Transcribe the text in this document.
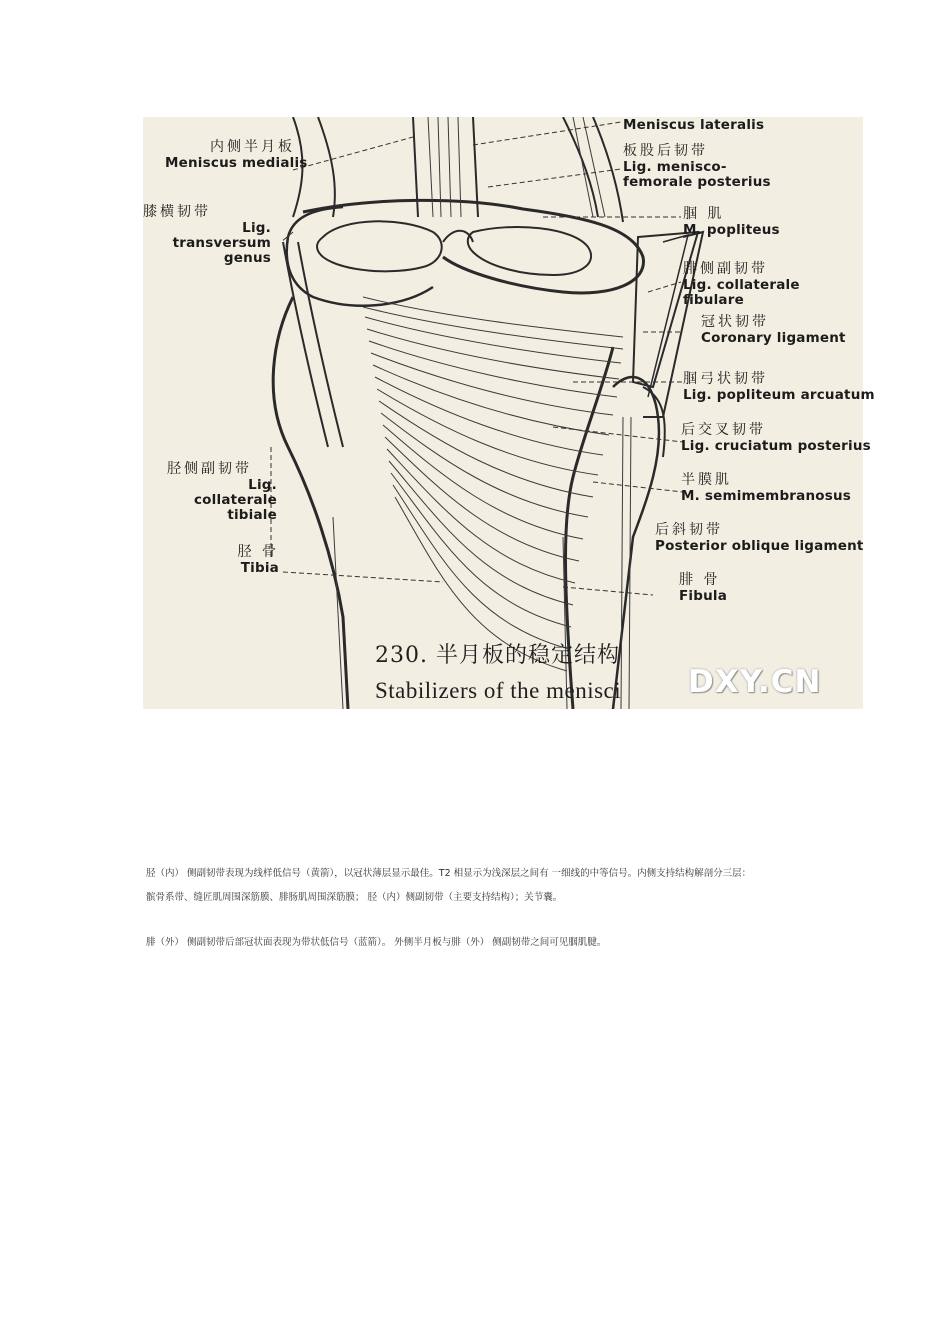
内侧半月板
Meniscus medialis
膝横韧带
Lig. transversum genus
胫侧副韧带
Lig. collaterale tibiale
胫 骨
Tibia
Meniscus lateralis
板股后韧带
Lig. menisco-femorale posterius
腘 肌
M. popliteus
腓侧副韧带
Lig. collaterale fibulare
冠状韧带
Coronary ligament
腘弓状韧带
Lig. popliteum arcuatum
后交叉韧带
Lig. cruciatum posterius
半膜肌
M. semimembranosus
后斜韧带
Posterior oblique ligament
腓 骨
Fibula
230. 半月板的稳定结构
Stabilizers of the menisci DXY.CN
胫（内） 侧副韧带表现为线样低信号（黄箭），以冠状薄层显示最佳。T2 相显示为浅深层之间有 一细线的中等信号。内侧支持结构解剖分三层：
髌骨系带、缝匠肌周围深筋膜、腓肠肌周围深筋膜； 胫（内）侧副韧带（主要支持结构）；关节囊。
腓（外） 侧副韧带后部冠状面表现为带状低信号（蓝箭）。 外侧半月板与腓（外） 侧副韧带之间可见腘肌腱。
